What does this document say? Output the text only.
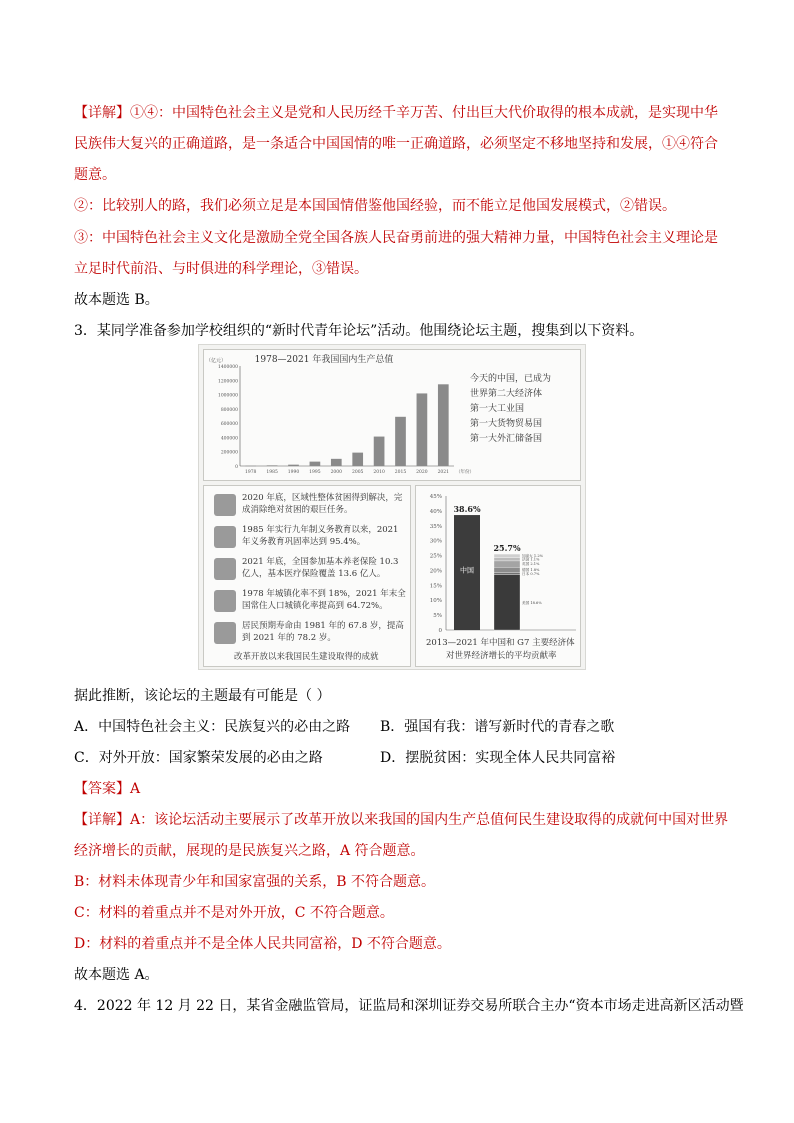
【详解】①④：中国特色社会主义是党和人民历经千辛万苦、付出巨大代价取得的根本成就，是实现中华
民族伟大复兴的正确道路，是一条适合中国国情的唯一正确道路，必须坚定不移地坚持和发展，①④符合
题意。
②：比较别人的路，我们必须立足是本国国情借鉴他国经验，而不能立足他国发展模式，②错误。
③：中国特色社会主义文化是激励全党全国各族人民奋勇前进的强大精神力量，中国特色社会主义理论是
立足时代前沿、与时俱进的科学理论，③错误。
故本题选 B。
3．某同学准备参加学校组织的“新时代青年论坛”活动。他围绕论坛主题，搜集到以下资料。
1978—2021 年我国国内生产总值
（亿元）
0
200000
400000
600000
800000
1000000
1200000
1400000
1978 1985 1990 1995 2000 2005 2010 2015 2020 2021 （年份）
今天的中国，已成为
世界第二大经济体
第一大工业国
第一大货物贸易国
第一大外汇储备国
2020 年底，区域性整体贫困得到解决，完成消除绝对贫困的艰巨任务。
1985 年实行九年制义务教育以来，2021 年义务教育巩固率达到 95.4%。
2021 年底，全国参加基本养老保险 10.3 亿人，基本医疗保险覆盖 13.6 亿人。
1978 年城镇化率不到 18%，2021 年末全国常住人口城镇化率提高到 64.72%。
居民预期寿命由 1981 年的 67.8 岁，提高到 2021 年的 78.2 岁。
改革开放以来我国民生建设取得的成就
0
5%
10%
15%
20%
25%
30%
35%
40%
45%
38.6%
中国
美国 18.6%
日本 0.7%
德国 1.8%
英国 2.1%
法国 1.1%
加拿大 1.2%
25.7%
2013—2021 年中国和 G7 主要经济体
对世界经济增长的平均贡献率
据此推断，该论坛的主题最有可能是（ ）
A．中国特色社会主义：民族复兴的必由之路 B．强国有我：谱写新时代的青春之歌
C．对外开放：国家繁荣发展的必由之路	D．摆脱贫困：实现全体人民共同富裕
【答案】A
【详解】A：该论坛活动主要展示了改革开放以来我国的国内生产总值何民生建设取得的成就何中国对世界
经济增长的贡献，展现的是民族复兴之路，A 符合题意。
B：材料未体现青少年和国家富强的关系，B 不符合题意。
C：材料的着重点并不是对外开放，C 不符合题意。
D：材料的着重点并不是全体人民共同富裕，D 不符合题意。
故本题选 A。
4．2022 年 12 月 22 日，某省金融监管局，证监局和深圳证券交易所联合主办“资本市场走进高新区活动暨
